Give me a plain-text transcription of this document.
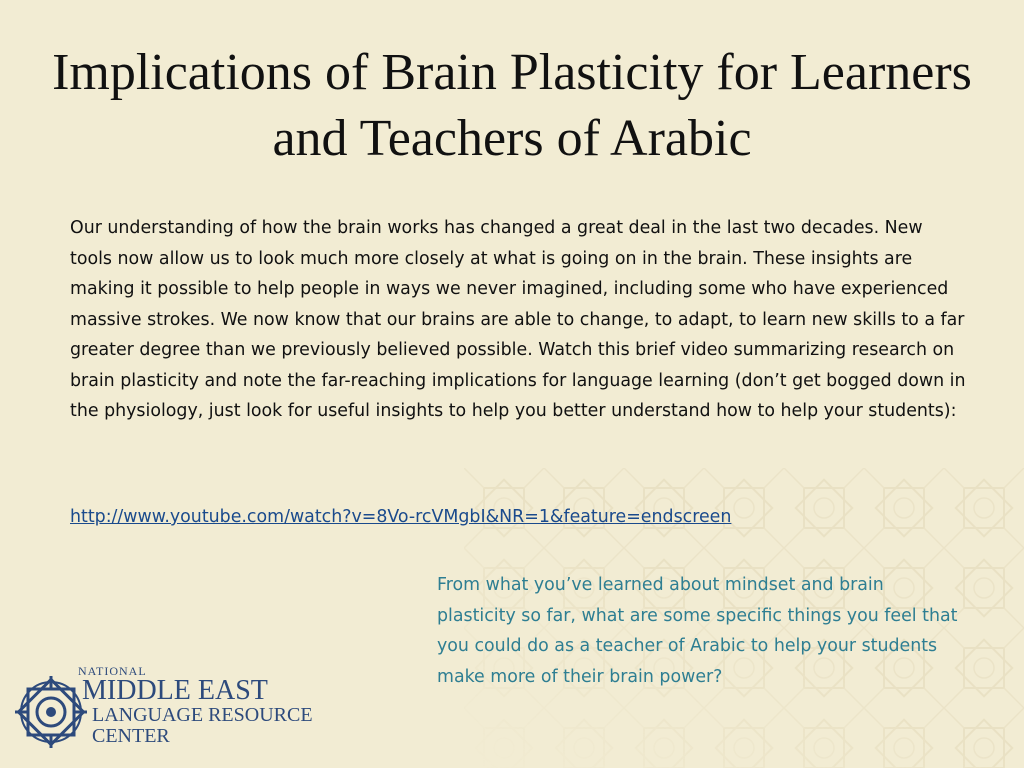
Implications of Brain Plasticity for Learners and Teachers of Arabic

Our understanding of how the brain works has changed a great deal in the last two decades. New tools now allow us to look much more closely at what is going on in the brain. These insights are making it possible to help people in ways we never imagined, including some who have experienced massive strokes. We now know that our brains are able to change, to adapt, to learn new skills to a far greater degree than we previously believed possible. Watch this brief video summarizing research on brain plasticity and note the far-reaching implications for language learning (don’t get bogged down in the physiology, just look for useful insights to help you better understand how to help your students):

http://www.youtube.com/watch?v=8Vo-rcVMgbI&NR=1&feature=endscreen

From what you’ve learned about mindset and brain plasticity so far, what are some specific things you feel that you could do as a teacher of Arabic to help your students make more of their brain power?

NATIONAL
MIDDLE EAST
LANGUAGE RESOURCE
CENTER
